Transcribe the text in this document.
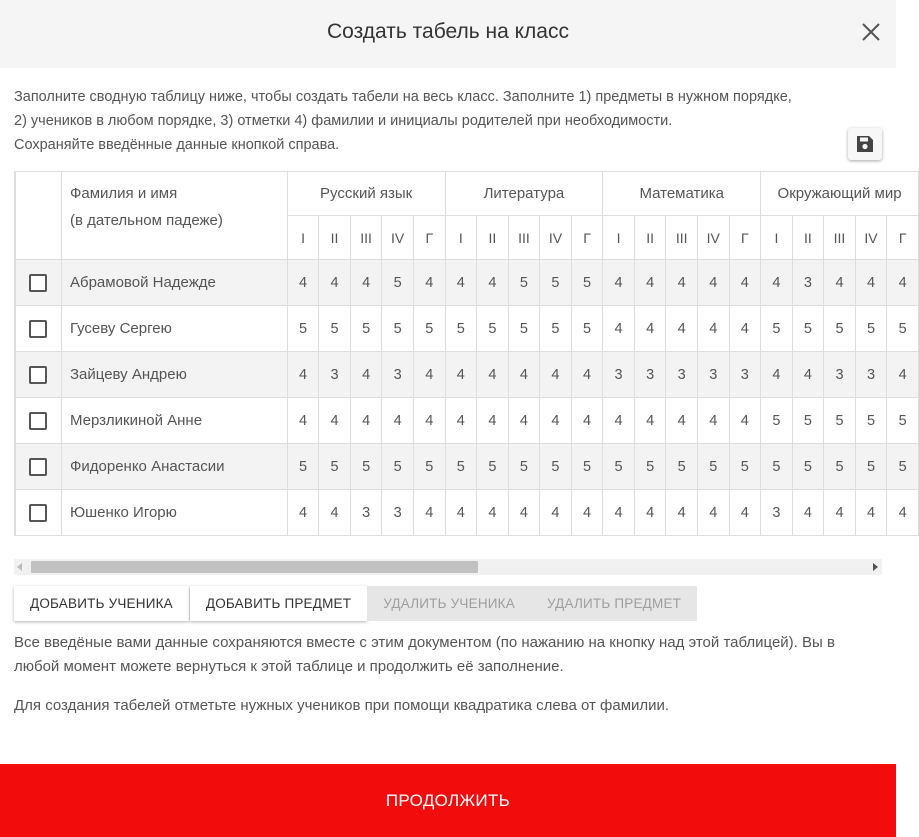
Создать табель на класс

Заполните сводную таблицу ниже, чтобы создать табели на весь класс. Заполните 1) предметы в нужном порядке,

2) учеников в любом порядке, 3) отметки 4) фамилии и инициалы родителей при необходимости.

Сохраняйте введённые данные кнопкой справа.

	Фамилия и имя
(в дательном падеже)	Русский язык					Литература					Математика					Окружающий мир				
		I	II	III	IV	Г	I	II	III	IV	Г	I	II	III	IV	Г	I	II	III	IV	Г
	Абрамовой Надежде	4	4	4	5	4	4	4	5	5	5	4	4	4	4	4	4	3	4	4	4
	Гусеву Сергею	5	5	5	5	5	5	5	5	5	5	4	4	4	4	4	5	5	5	5	5
	Зайцеву Андрею	4	3	4	3	4	4	4	4	4	4	3	3	3	3	3	4	4	3	3	4
	Мерзликиной Анне	4	4	4	4	4	4	4	4	4	4	4	4	4	4	4	5	5	5	5	5
	Фидоренко Анастасии	5	5	5	5	5	5	5	5	5	5	5	5	5	5	5	5	5	5	5	5
	Юшенко Игорю	4	4	3	3	4	4	4	4	4	4	4	4	4	4	4	3	4	4	4	4
ДОБАВИТЬ УЧЕНИКА	ДОБАВИТЬ ПРЕДМЕТ	УДАЛИТЬ УЧЕНИКА	УДАЛИТЬ ПРЕДМЕТ
Все введёные вами данные сохраняются вместе с этим документом (по нажанию на кнопку над этой таблицей). Вы в любой момент можете вернуться к этой таблице и продолжить её заполнение.
Для создания табелей отметьте нужных учеников при помощи квадратика слева от фамилии.
ПРОДОЛЖИТЬ
